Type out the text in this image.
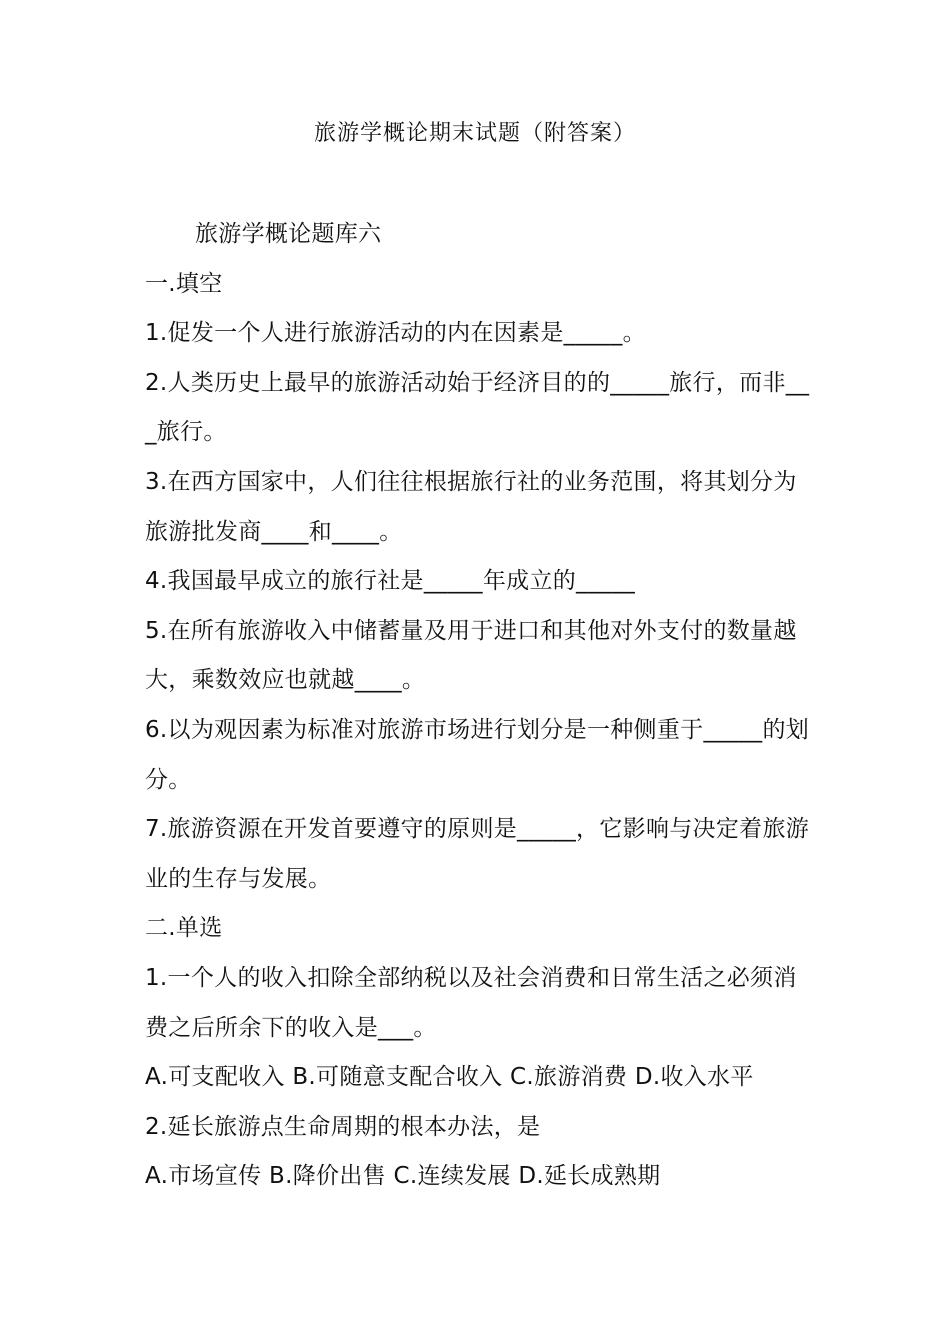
旅游学概论期末试题（附答案）

旅游学概论题库六

一.填空

1.促发一个人进行旅游活动的内在因素是_____。

2.人类历史上最早的旅游活动始于经济目的的_____旅行，而非___旅行。

3.在西方国家中，人们往往根据旅行社的业务范围，将其划分为旅游批发商____和____。

4.我国最早成立的旅行社是_____年成立的_____

5.在所有旅游收入中储蓄量及用于进口和其他对外支付的数量越大，乘数效应也就越____。

6.以为观因素为标准对旅游市场进行划分是一种侧重于_____的划分。

7.旅游资源在开发首要遵守的原则是_____，它影响与决定着旅游业的生存与发展。

二.单选

1.一个人的收入扣除全部纳税以及社会消费和日常生活之必须消费之后所余下的收入是___。

A.可支配收入 B.可随意支配合收入 C.旅游消费 D.收入水平

2.延长旅游点生命周期的根本办法，是

A.市场宣传 B.降价出售 C.连续发展 D.延长成熟期
